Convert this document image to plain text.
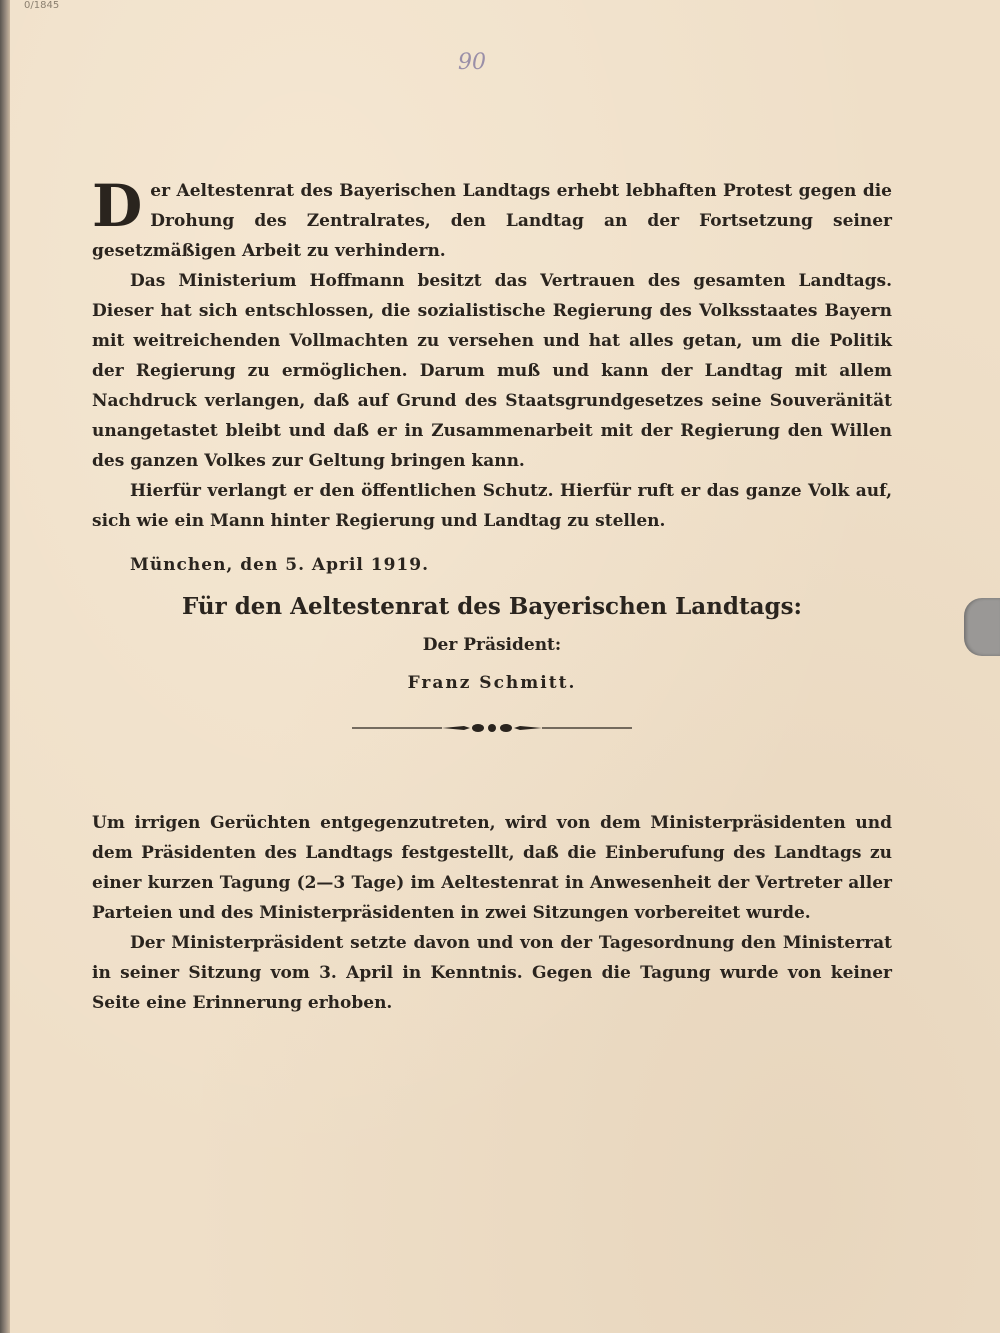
0/1845
90

Der Aeltestenrat des Bayerischen Landtags erhebt lebhaften Protest gegen die Drohung des Zentralrates, den Landtag an der Fortsetzung seiner gesetzmäßigen Arbeit zu verhindern.

Das Ministerium Hoffmann besitzt das Vertrauen des gesamten Landtags. Dieser hat sich entschlossen, die sozialistische Regierung des Volksstaates Bayern mit weitreichenden Vollmachten zu versehen und hat alles getan, um die Politik der Regierung zu ermöglichen. Darum muß und kann der Landtag mit allem Nachdruck verlangen, daß auf Grund des Staatsgrundgesetzes seine Souveränität unangetastet bleibt und daß er in Zusammenarbeit mit der Regierung den Willen des ganzen Volkes zur Geltung bringen kann.

Hierfür verlangt er den öffentlichen Schutz. Hierfür ruft er das ganze Volk auf, sich wie ein Mann hinter Regierung und Landtag zu stellen.

München, den 5. April 1919.

Für den Aeltestenrat des Bayerischen Landtags:
Der Präsident:
Franz Schmitt.

Um irrigen Gerüchten entgegenzutreten, wird von dem Ministerpräsidenten und dem Präsidenten des Landtags festgestellt, daß die Einberufung des Landtags zu einer kurzen Tagung (2—3 Tage) im Aeltestenrat in Anwesenheit der Vertreter aller Parteien und des Ministerpräsidenten in zwei Sitzungen vorbereitet wurde.

Der Ministerpräsident setzte davon und von der Tagesordnung den Ministerrat in seiner Sitzung vom 3. April in Kenntnis. Gegen die Tagung wurde von keiner Seite eine Erinnerung erhoben.
